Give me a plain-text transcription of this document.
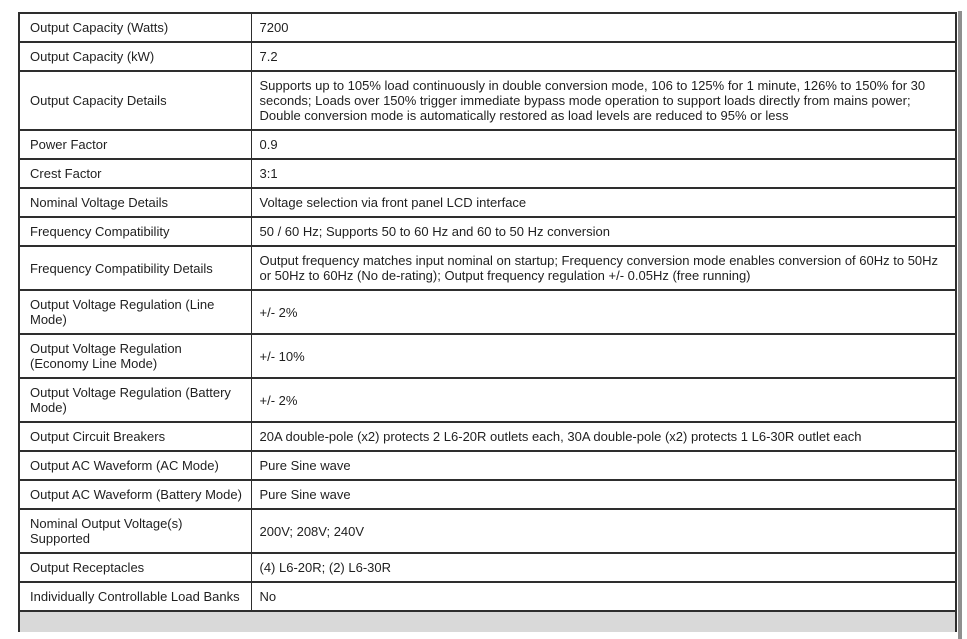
Output Capacity (Watts)	7200
Output Capacity (kW)	7.2
Output Capacity Details	Supports up to 105% load continuously in double conversion mode, 106 to 125% for 1 minute, 126% to 150% for 30 seconds; Loads over 150% trigger immediate bypass mode operation to support loads directly from mains power; Double conversion mode is automatically restored as load levels are reduced to 95% or less
Power Factor	0.9
Crest Factor	3:1
Nominal Voltage Details	Voltage selection via front panel LCD interface
Frequency Compatibility	50 / 60 Hz; Supports 50 to 60 Hz and 60 to 50 Hz conversion
Frequency Compatibility Details	Output frequency matches input nominal on startup; Frequency conversion mode enables conversion of 60Hz to 50Hz or 50Hz to 60Hz (No de-rating); Output frequency regulation +/- 0.05Hz (free running)
Output Voltage Regulation (Line Mode)	+/- 2%
Output Voltage Regulation (Economy Line Mode)	+/- 10%
Output Voltage Regulation (Battery Mode)	+/- 2%
Output Circuit Breakers	20A double-pole (x2) protects 2 L6-20R outlets each, 30A double-pole (x2) protects 1 L6-30R outlet each
Output AC Waveform (AC Mode)	Pure Sine wave
Output AC Waveform (Battery Mode)	Pure Sine wave
Nominal Output Voltage(s) Supported	200V; 208V; 240V
Output Receptacles	(4) L6-20R; (2) L6-30R
Individually Controllable Load Banks	No
